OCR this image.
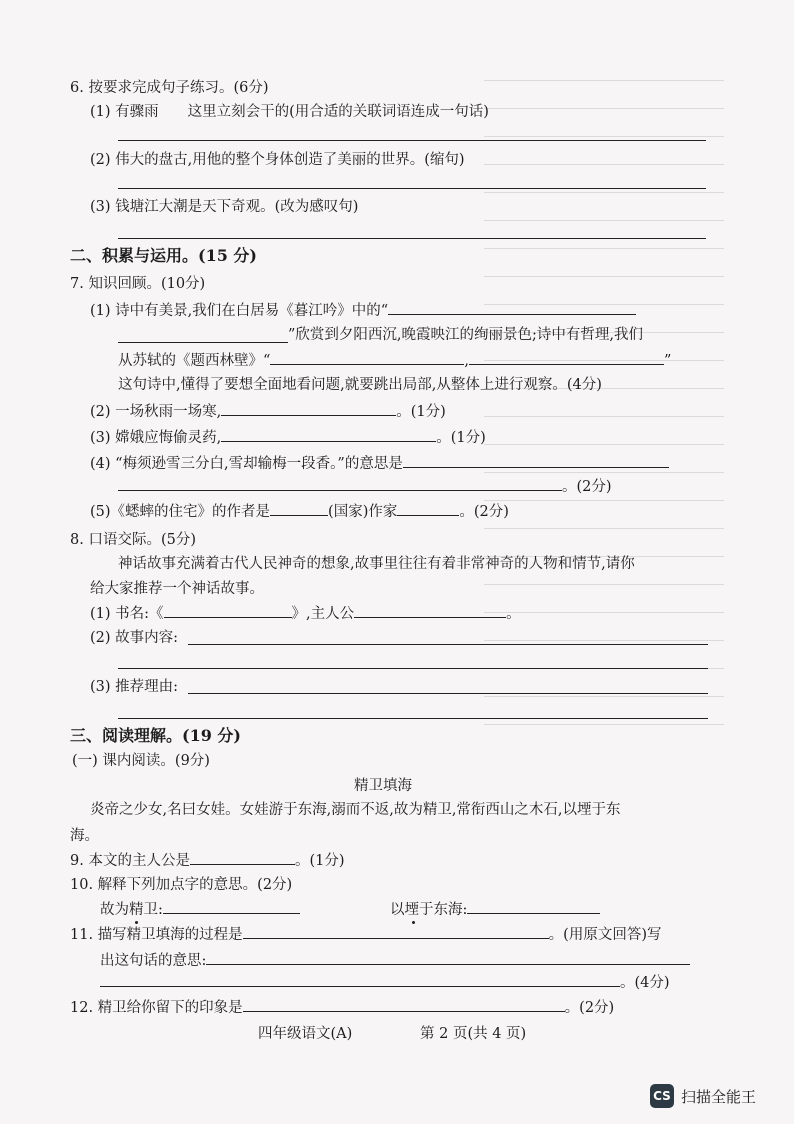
6. 按要求完成句子练习。(6分)
(1) 有骤雨　　这里立刻会干的(用合适的关联词语连成一句话)
(2) 伟大的盘古,用他的整个身体创造了美丽的世界。(缩句)
(3) 钱塘江大潮是天下奇观。(改为感叹句)
二、积累与运用。(15 分)
7. 知识回顾。(10分)
(1) 诗中有美景,我们在白居易《暮江吟》中的“
”欣赏到夕阳西沉,晚霞映江的绚丽景色;诗中有哲理,我们
从苏轼的《题西林壁》“	,	”
这句诗中,懂得了要想全面地看问题,就要跳出局部,从整体上进行观察。(4分)
(2) 一场秋雨一场寒,	。(1分)
(3) 嫦娥应悔偷灵药,	。(1分)
(4) “梅须逊雪三分白,雪却输梅一段香。”的意思是
。(2分)
(5)《蟋蟀的住宅》的作者是	(国家)作家	。(2分)
8. 口语交际。(5分)
神话故事充满着古代人民神奇的想象,故事里往往有着非常神奇的人物和情节,请你
给大家推荐一个神话故事。
(1) 书名:《	》,主人公	。
(2) 故事内容:
(3) 推荐理由:
三、阅读理解。(19 分)
(一) 课内阅读。(9分)
精卫填海
炎帝之少女,名曰女娃。女娃游于东海,溺而不返,故为精卫,常衔西山之木石,以堙于东
海。
9. 本文的主人公是	。(1分)
10. 解释下列加点字的意思。(2分)
故为精卫:	以堙于东海:
11. 描写精卫填海的过程是	。(用原文回答)写
出这句话的意思:
。(4分)
12. 精卫给你留下的印象是	。(2分)
四年级语文(A)	第 2 页(共 4 页)
CS 扫描全能王
